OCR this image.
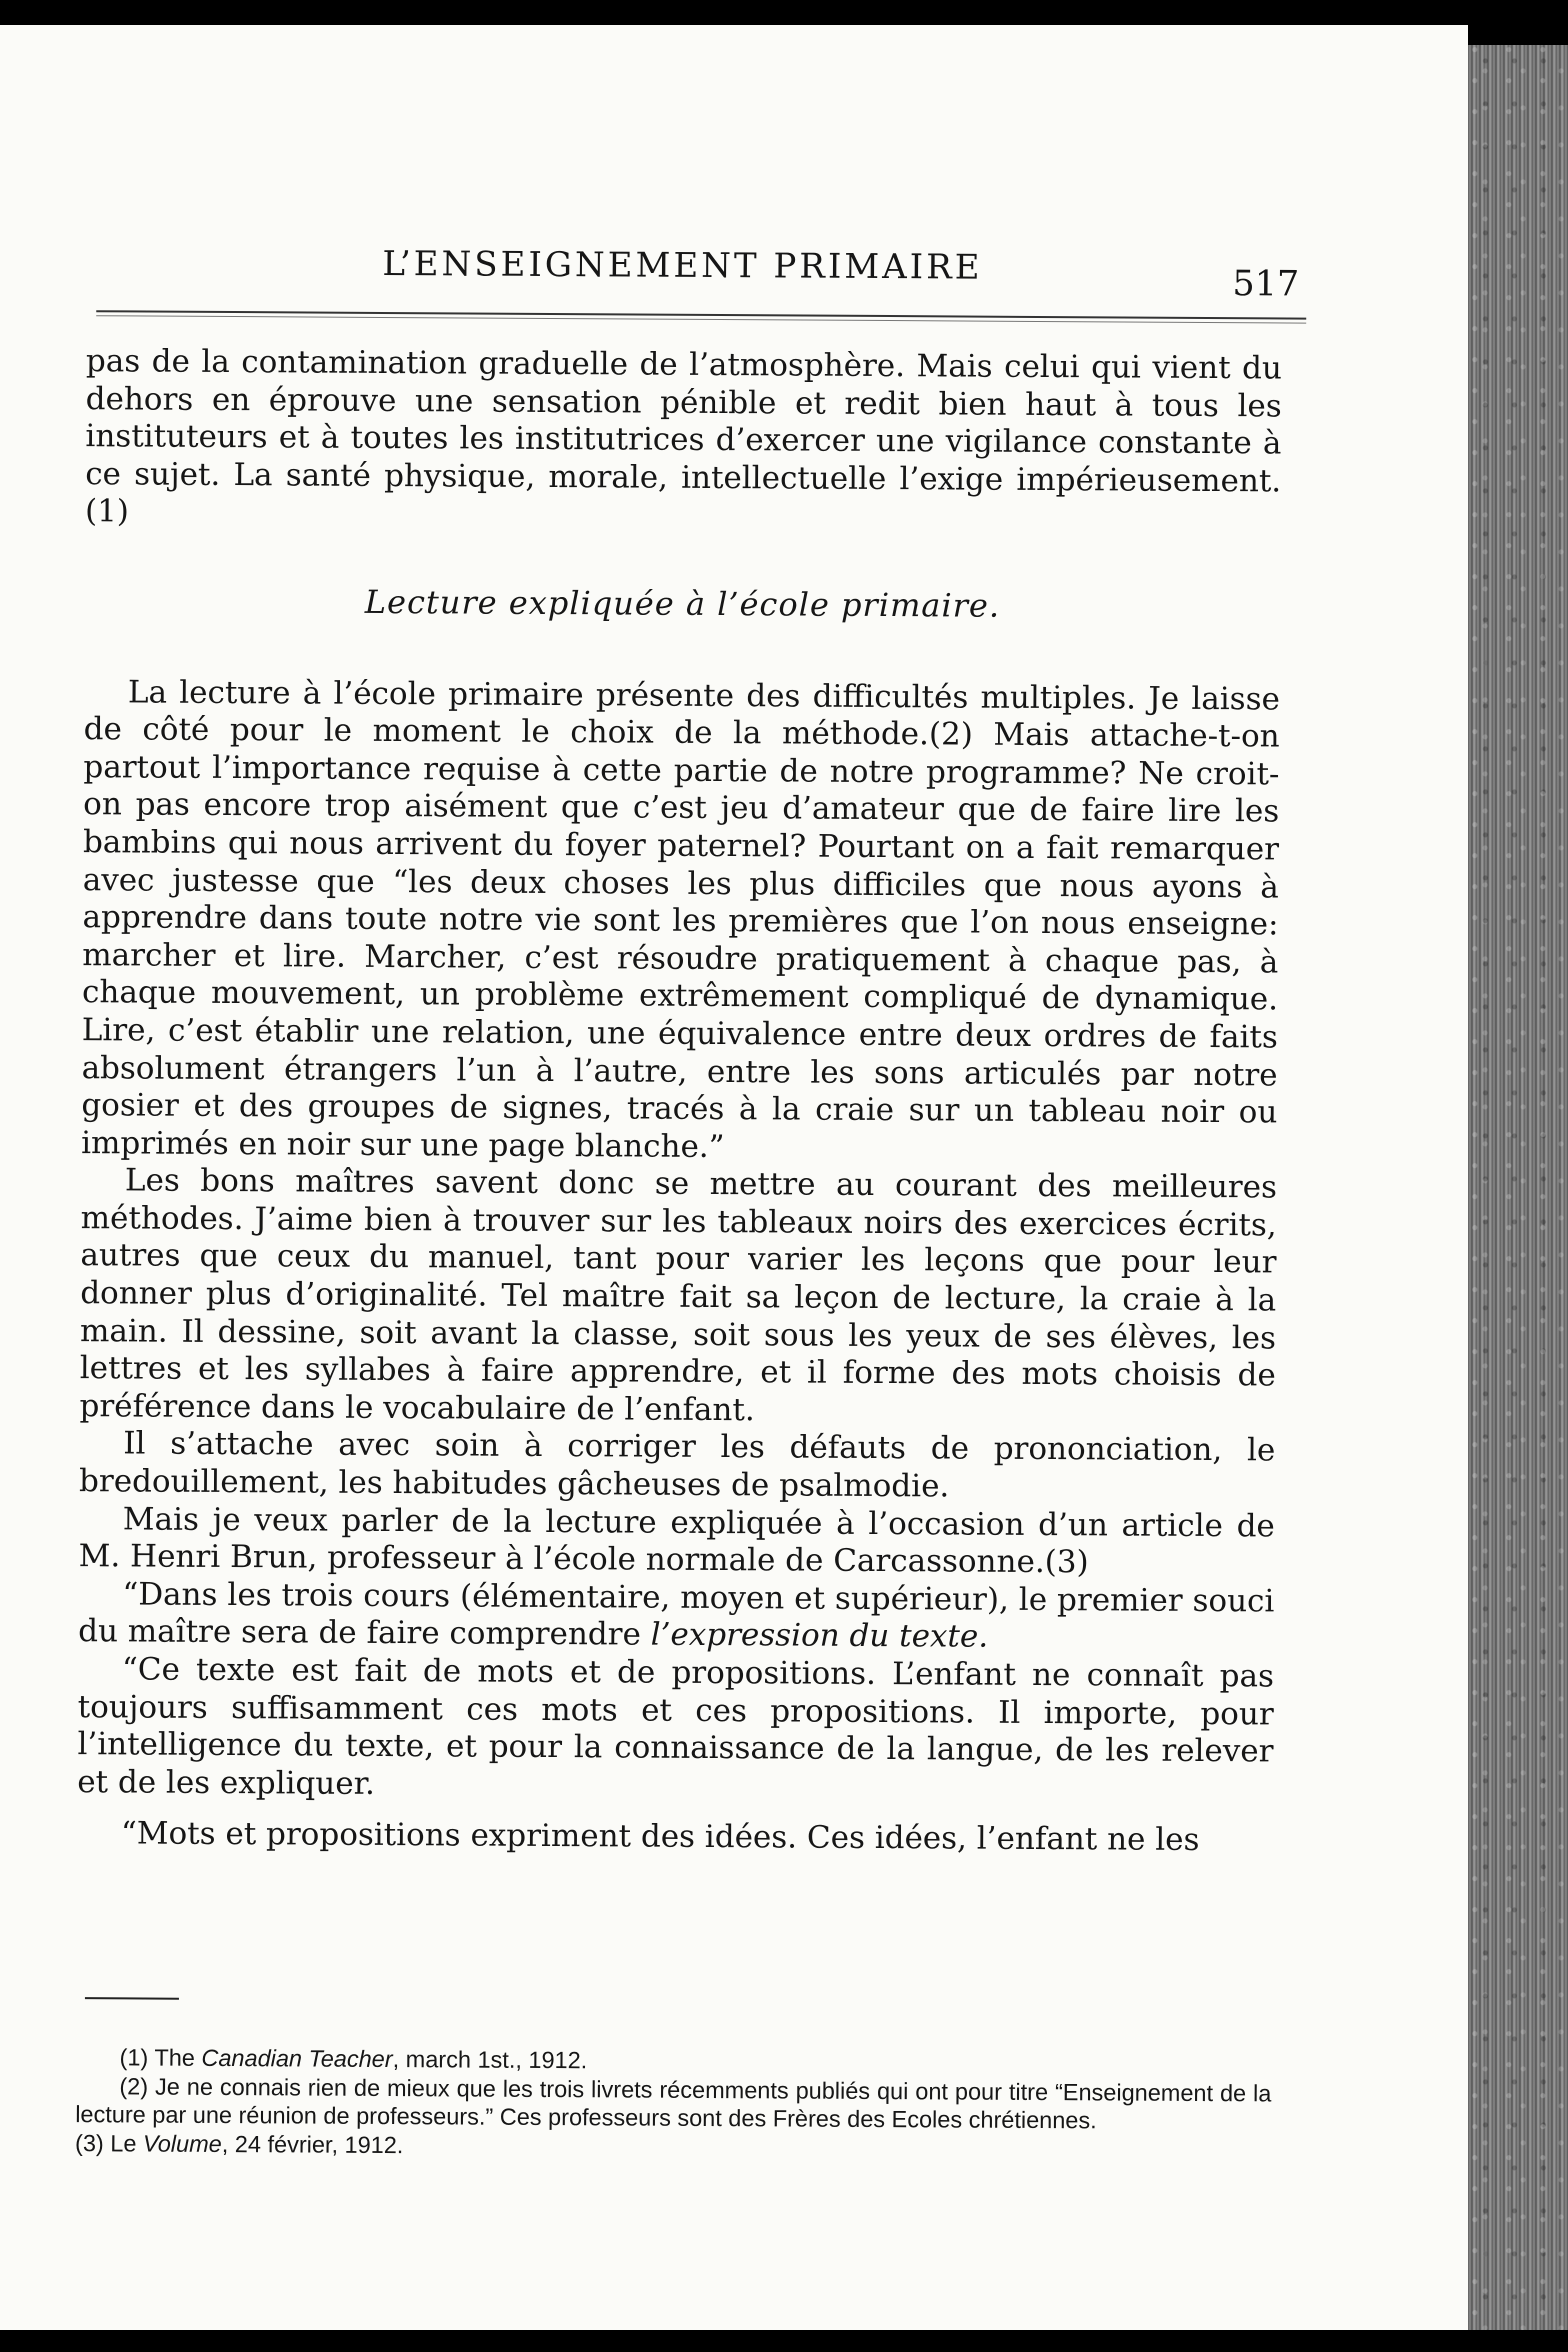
L’ENSEIGNEMENT PRIMAIRE	517

pas de la contamination graduelle de l’atmosphère. Mais celui qui vient du dehors en éprouve une sensation pénible et redit bien haut à tous les instituteurs et à toutes les institutrices d’exercer une vigilance constante à ce sujet. La santé physique, morale, intellectuelle l’exige impérieusement.(1)

Lecture expliquée à l’école primaire.

La lecture à l’école primaire présente des difficultés multiples. Je laisse de côté pour le moment le choix de la méthode.(2) Mais attache-t-on partout l’importance requise à cette partie de notre programme? Ne croit-on pas encore trop aisément que c’est jeu d’amateur que de faire lire les bambins qui nous arrivent du foyer paternel? Pourtant on a fait remarquer avec justesse que “les deux choses les plus difficiles que nous ayons à apprendre dans toute notre vie sont les premières que l’on nous enseigne: marcher et lire. Marcher, c’est résoudre pratiquement à chaque pas, à chaque mouvement, un problème extrêmement compliqué de dynamique. Lire, c’est établir une relation, une équivalence entre deux ordres de faits absolument étrangers l’un à l’autre, entre les sons articulés par notre gosier et des groupes de signes, tracés à la craie sur un tableau noir ou imprimés en noir sur une page blanche.”

Les bons maîtres savent donc se mettre au courant des meilleures méthodes. J’aime bien à trouver sur les tableaux noirs des exercices écrits, autres que ceux du manuel, tant pour varier les leçons que pour leur donner plus d’originalité. Tel maître fait sa leçon de lecture, la craie à la main. Il dessine, soit avant la classe, soit sous les yeux de ses élèves, les lettres et les syllabes à faire apprendre, et il forme des mots choisis de préférence dans le vocabulaire de l’enfant.

Il s’attache avec soin à corriger les défauts de prononciation, le bredouillement, les habitudes gâcheuses de psalmodie.

Mais je veux parler de la lecture expliquée à l’occasion d’un article de M. Henri Brun, professeur à l’école normale de Carcassonne.(3)

“Dans les trois cours (élémentaire, moyen et supérieur), le premier souci du maître sera de faire comprendre l’expression du texte.

“Ce texte est fait de mots et de propositions. L’enfant ne connaît pas toujours suffisamment ces mots et ces propositions. Il importe, pour l’intelligence du texte, et pour la connaissance de la langue, de les relever et de les expliquer.

“Mots et propositions expriment des idées. Ces idées, l’enfant ne les

(1) The Canadian Teacher, march 1st., 1912.

(2) Je ne connais rien de mieux que les trois livrets récemments publiés qui ont pour titre “Enseignement de la lecture par une réunion de professeurs.” Ces professeurs sont des Frères des Ecoles chrétiennes.

(3) Le Volume, 24 février, 1912.
